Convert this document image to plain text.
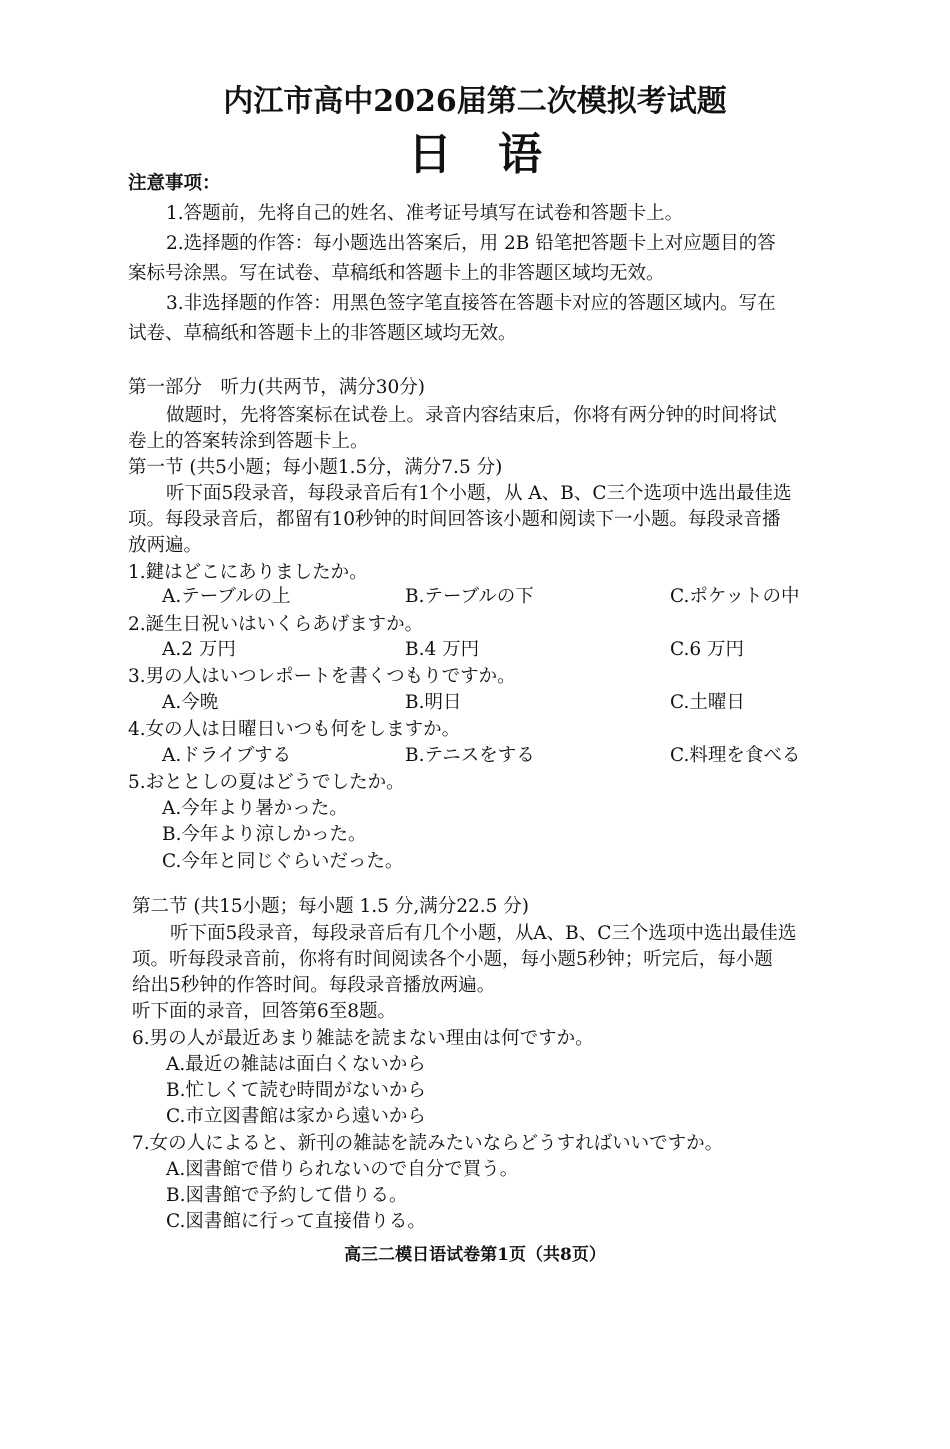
内江市高中2026届第二次模拟考试题
日语
注意事项：
1.答题前，先将自己的姓名、准考证号填写在试卷和答题卡上。
2.选择题的作答：每小题选出答案后，用 2B 铅笔把答题卡上对应题目的答
案标号涂黑。写在试卷、草稿纸和答题卡上的非答题区域均无效。
3.非选择题的作答：用黑色签字笔直接答在答题卡对应的答题区域内。写在
试卷、草稿纸和答题卡上的非答题区域均无效。
第一部分　听力(共两节，满分30分)
做题时，先将答案标在试卷上。录音内容结束后，你将有两分钟的时间将试
卷上的答案转涂到答题卡上。
第一节 (共5小题；每小题1.5分，满分7.5 分)
听下面5段录音，每段录音后有1个小题，从 A、B、C三个选项中选出最佳选
项。每段录音后，都留有10秒钟的时间回答该小题和阅读下一小题。每段录音播
放两遍。
1.鍵はどこにありましたか。
A.テーブルの上	B.テーブルの下	C.ポケットの中
2.誕生日祝いはいくらあげますか。
A.2 万円	B.4 万円	C.6 万円
3.男の人はいつレポートを書くつもりですか。
A.今晩	B.明日	C.土曜日
4.女の人は日曜日いつも何をしますか。
A.ドライブする	B.テニスをする	C.料理を食べる
5.おととしの夏はどうでしたか。
A.今年より暑かった。
B.今年より涼しかった。
C.今年と同じぐらいだった。
第二节 (共15小题；每小题 1.5 分,满分22.5 分)
听下面5段录音，每段录音后有几个小题，从A、B、C三个选项中选出最佳选
项。听每段录音前，你将有时间阅读各个小题，每小题5秒钟；听完后，每小题
给出5秒钟的作答时间。每段录音播放两遍。
听下面的录音，回答第6至8题。
6.男の人が最近あまり雑誌を読まない理由は何ですか。
A.最近の雑誌は面白くないから
B.忙しくて読む時間がないから
C.市立図書館は家から遠いから
7.女の人によると、新刊の雑誌を読みたいならどうすればいいですか。
A.図書館で借りられないので自分で買う。
B.図書館で予約して借りる。
C.図書館に行って直接借りる。
高三二模日语试卷第1页（共8页）
